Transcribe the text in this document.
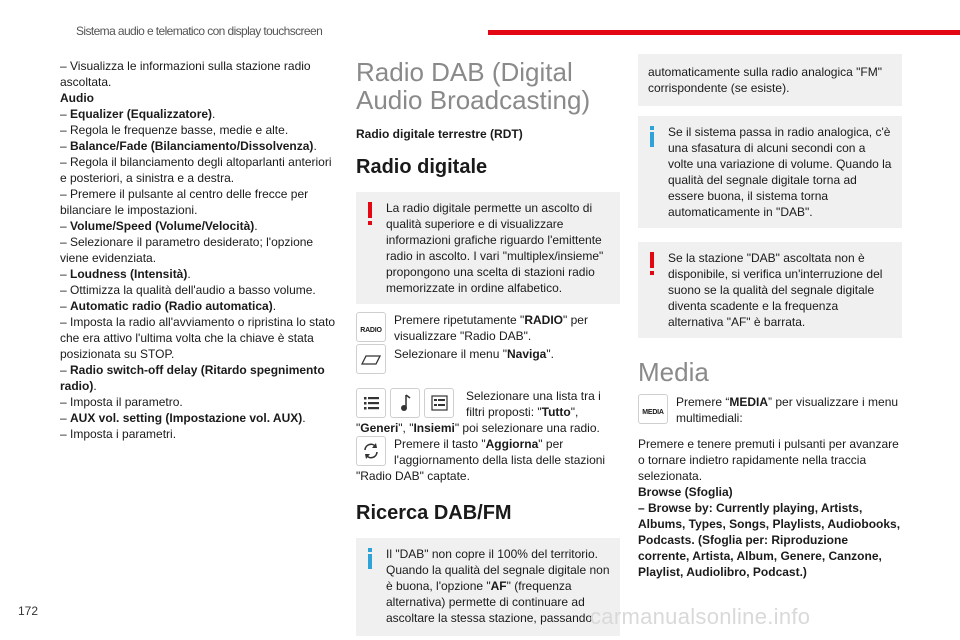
Sistema audio e telematico con display touchscreen

– Visualizza le informazioni sulla stazione radio ascoltata.

Audio

– Equalizer (Equalizzatore).

– Regola le frequenze basse, medie e alte.

– Balance/Fade (Bilanciamento/Dissolvenza).

– Regola il bilanciamento degli altoparlanti anteriori e posteriori, a sinistra e a destra.

– Premere il pulsante al centro delle frecce per bilanciare le impostazioni.

– Volume/Speed (Volume/Velocità).

– Selezionare il parametro desiderato; l'opzione viene evidenziata.

– Loudness (Intensità).

– Ottimizza la qualità dell'audio a basso volume.

– Automatic radio (Radio automatica).

– Imposta la radio all'avviamento o ripristina lo stato che era attivo l'ultima volta che la chiave è stata posizionata su STOP.

– Radio switch-off delay (Ritardo spegnimento radio).

– Imposta il parametro.

– AUX vol. setting (Impostazione vol. AUX).

– Imposta i parametri.

Radio DAB (Digital Audio Broadcasting)

Radio digitale terrestre (RDT)

Radio digitale

La radio digitale permette un ascolto di qualità superiore e di visualizzare informazioni grafiche riguardo l'emittente radio in ascolto. I vari "multiplex/insieme" propongono una scelta di stazioni radio memorizzate in ordine alfabetico.

RADIO

Premere ripetutamente "RADIO" per visualizzare "Radio DAB".

Selezionare il menu "Naviga".

Selezionare una lista tra i filtri proposti: "Tutto", "Generi", "Insiemi" poi selezionare una radio.

Premere il tasto "Aggiorna" per l'aggiornamento della lista delle stazioni "Radio DAB" captate.

Ricerca DAB/FM

Il "DAB" non copre il 100% del territorio. Quando la qualità del segnale digitale non è buona, l'opzione "AF" (frequenza alternativa) permette di continuare ad ascoltare la stessa stazione, passando

automaticamente sulla radio analogica "FM" corrispondente (se esiste).

Se il sistema passa in radio analogica, c'è una sfasatura di alcuni secondi con a volte una variazione di volume. Quando la qualità del segnale digitale torna ad essere buona, il sistema torna automaticamente in "DAB".

Se la stazione "DAB" ascoltata non è disponibile, si verifica un'interruzione del suono se la qualità del segnale digitale diventa scadente e la frequenza alternativa "AF" è barrata.

Media
MEDIA

Premere “MEDIA” per visualizzare i menu multimediali:

Premere e tenere premuti i pulsanti per avanzare o tornare indietro rapidamente nella traccia selezionata.

Browse (Sfoglia)

– Browse by: Currently playing, Artists, Albums, Types, Songs, Playlists, Audiobooks, Podcasts. (Sfoglia per: Riproduzione corrente, Artista, Album, Genere, Canzone, Playlist, Audiolibro, Podcast.)

172	carmanualsonline.info
